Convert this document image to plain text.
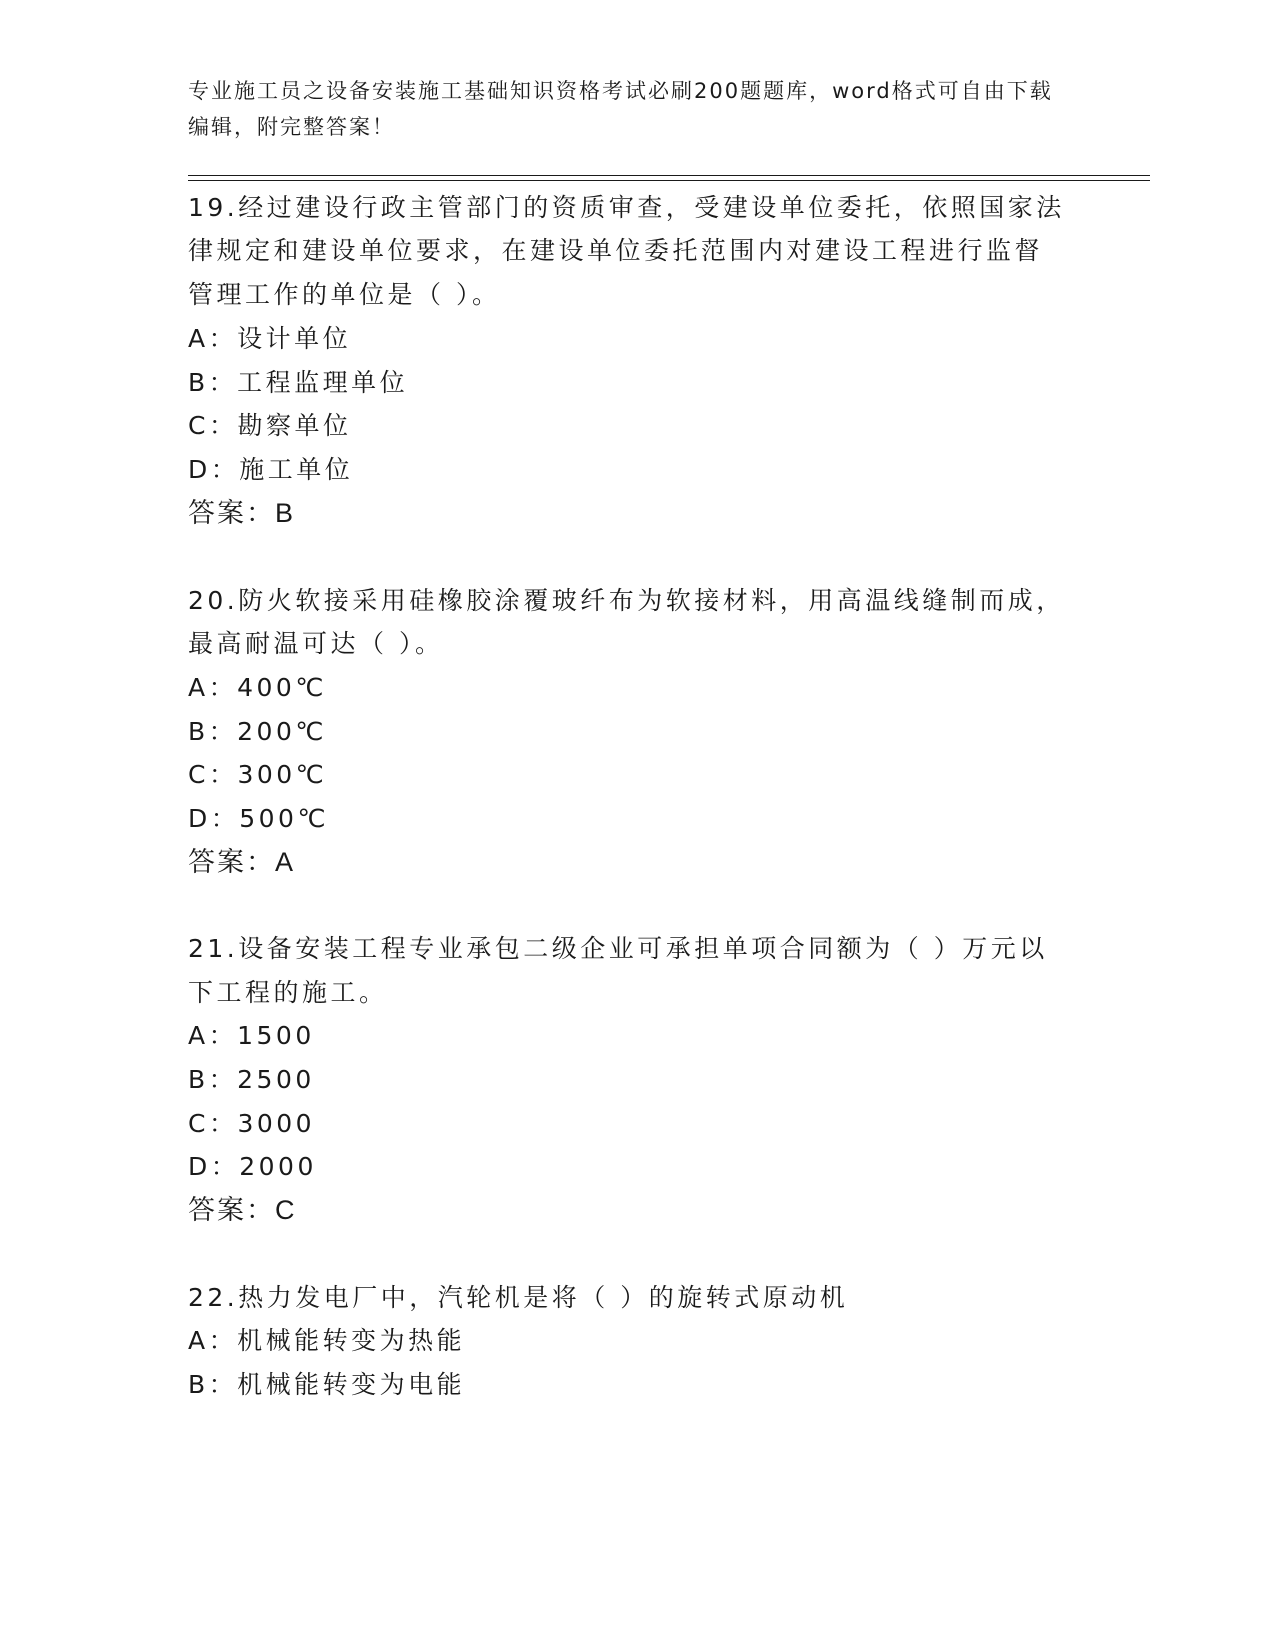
专业施工员之设备安装施工基础知识资格考试必刷200题题库，word格式可自由下载编辑，附完整答案！
19.经过建设行政主管部门的资质审查，受建设单位委托，依照国家法
律规定和建设单位要求，在建设单位委托范围内对建设工程进行监督
管理工作的单位是（ ）。
A：设计单位
B：工程监理单位
C：勘察单位
D：施工单位
答案：B
20.防火软接采用硅橡胶涂覆玻纤布为软接材料，用高温线缝制而成，
最高耐温可达（ ）。
A：400℃
B：200℃
C：300℃
D：500℃
答案：A
21.设备安装工程专业承包二级企业可承担单项合同额为（ ）万元以
下工程的施工。
A：1500
B：2500
C：3000
D：2000
答案：C
22.热力发电厂中，汽轮机是将（ ）的旋转式原动机
A：机械能转变为热能
B：机械能转变为电能
